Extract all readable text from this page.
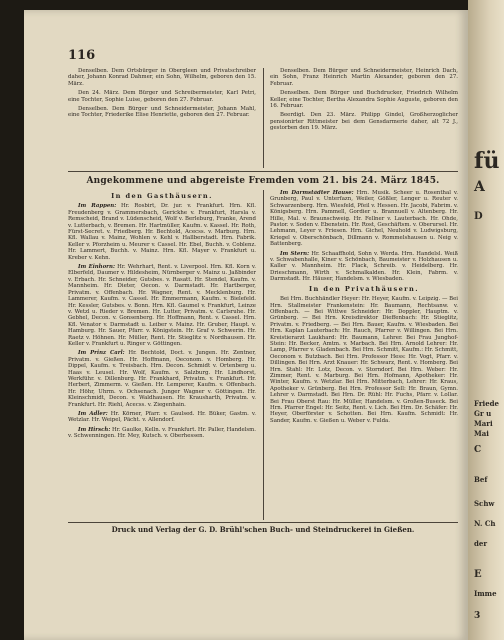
116

Denselben. Dem Ortsbürger in Obergleen und Privatschreiber daher, Johann Konrad Dahmer, ein Sohn, Wilhelm, geboren den 15. März.

Den 24. März. Dem Bürger und Schreibermeister, Karl Petri, eine Tochter, Sophie Luise, geboren den 27. Februar.

Denselben. Dem Bürger und Schneidermeister, Johann Mahl, eine Tochter, Friederike Elise Henriette, geboren den 27. Februar.

Denselben. Dem Bürger und Schneidermeister, Heinrich Dach, ein Sohn, Franz Heinrich Martin Alexander, geboren den 27. Februar.

Denselben. Dem Bürger und Buchdrucker, Friedrich Wilhelm Keller, eine Tochter, Bertha Alexandra Sophie Auguste, geboren den 16. Februar.

Beerdigt. Den 23. März. Philipp Gindel, Großherzoglicher pensionirter Rittmeister bei dem Gensdarmerie daher, alt 72 J., gestorben den 19. März.

Angekommene und abgereiste Fremden vom 21. bis 24. März 1845.
In den Gasthäusern.

Im Rappen: Hr. Rosbirt, Dr. jur. v. Frankfurt. Hrn. Kfl. Freudenberg v. Grammersbach, Gerickhe v. Frankfurt, Harsla v. Remscheid, Brand v. Lüdenscheid, Wolf v. Berleburg, Franke, Arend v. Lutterbach, v. Bremen. Hr. Hartmüller, Kaufm. v. Kassel. Hr. Roth, Fürst-Secret. v. Friedberg. Hr. Bechtold, Acecss. v. Marburg. Hrn. Kfl. Wallau v. Mainz, Wohlen v. Kehl v. Hallberstadt. Hrn. Fabrik. Keller v. Pforzheim u. Meurer v. Cassel. Hr. Ebel, Buchh. v. Coblenz. Hr. Lammert, Buchh. v. Mainz. Hrn. Kfl. Mayer v. Frankfurt u. Kreber v. Kehn.

Im Einhorn: Hr. Wehrhart, Rent. v. Liverpool. Hrn. Kfl. Korn v. Elberfeld, Daumer v. Hildesheim, Nürnberger v. Mainz u. Jaßbinder v. Erbach. Hr. Schneider, Gutsbes. v. Rasatt. Hr. Stendel, Kaufm. v. Mannheim. Hr. Dieter, Oecon. v. Darmstadt. Hr. Hartberger, Privatm. v. Offenbach. Hr. Wagner, Rent. v. Mecklenburg. Hr. Lammerer, Kaufm. v. Cassel. Hr. Emmermann, Kaufm. v. Bielefeld. Hr. Kessler, Gutsbes. v. Bonn. Hrn. Kfl. Gaumel v. Frankfurt, Leinze v. Wetzl u. Rieder v. Bremen. Hr. Lutter, Privatm. v. Carlsruhe. Hr. Gebhel, Decon. v. Gonsenberg. Hr. Hoffmann, Rent. v. Cassel. Hrn. Kfl. Venator v. Darmstadt u. Leiber v. Mainz. Hr. Gruber, Haupt. v. Hamburg. Hr. Sauer, Pfarr. v. Königstein. Hr. Graf v. Schwerin. Hr. Raetz v. Höhnen. Hr. Müller, Rent. Hr. Stieglitz v. Nordhausen. Hr. Keller v. Frankfurt u. Ringer v. Göttingen.

Im Prinz Carl: Hr. Bechtold, Doct. v. Jungen. Hr. Zentner, Privatm. v. Gießen. Hr. Hoffmann, Oeconom. v. Homberg. Hr. Dippel, Kaufm. v. Treisbach. Hrn. Decon. Schmidt v. Ortenberg u. Haas v. Leusel. Hr. Wolf, Kaufm. v. Salzburg. Hr. Lindhorst, Werkführ. v. Dillenburg. Hr. Frankhard, Privatm. v. Frankfurt. Hr. Herbert, Zimmerm. v. Gießen. Hr. Lemperer, Kaufm. v. Offenbach. Hr. Höhr, Uhrm. v. Ochsenach. Junger Wagner v. Göttingen. Hr. Kleinschmidt, Decon. v. Waldhausen. Hr. Krausharth, Privatm. v. Frankfurt. Hr. Riehl, Acecss. v. Ziegenhain.

Im Adler: Hr. Körner, Pfarr. v. Gaulsed. Hr. Büker, Gastm. v. Wetzlar. Hr. Weipel, Pächt. v. Allendorf.

Im Hirsch: Hr. Gaulke, Kelln. v. Frankfurt. Hr. Paller, Handelsm. v. Schwenningen. Hr. Mey, Kutsch. v. Oberhessen.

Im Darmstädter Hause: Hrn. Musik. Scheer u. Rosenthal v. Grunberg, Paul v. Unterfazn, Weiler, Gößler, Lenger u. Reuter v. Schwarzenberg. Hrn. Wiesfeld, Pfeil v. Hessen. Hr. Jacobi, Fabrim. v. Königsberg. Hrn. Pammell, Gordier u. Brannuell v. Altenberg. Hr. Hille, Mal. v. Braunschweig. Hr. Fellner v. Lauterbach. Hr. Ohde, Pastor. v. Soden v. Ebenstein. Hr. Rost, Geschäftsm. v. Oberursel. Hr. Lehmann, Leyer v. Friesen. Hrn. Gichel, Neuhold v. Ludwigsburg, Kriegel v. Oberschönbach, Dillmann v. Rommelshausen u. Neig v. Battenberg.

Im Stern: Hr. Schaaffhold, Sohn v. Werda. Hrn. Handelsl. Weiß v. Schwabenhalle, Kiner v. Schönbach, Baumeister v. Holzhausen u. Kaller v. Mannheim. Hr. Flack, Schreib. v. Heidelberg. Hr. Drieschmann, Wirth v. Schmalkalden. Hr. Klein, Fabrm. v. Darmstadt. Hr. Häuser, Handelsm. v. Wiesbaden.

In den Privathäusern.

Bei Hrn. Buchhändler Heyer: Hr. Heyer, Kaufm. v. Leipzig. — Bei Hrn. Stallmeister Frankenstein: Hr. Baumann, Rechtsanw. v. Offenbach. — Bei Wittwe Schneider: Hr. Doppler, Hauptm. v. Grünberg. — Bei Hrn. Kreisdirektor Dieffenbach: Hr. Stieglitz, Privatm. v. Friedberg. — Bei Hrn. Bauer, Kaufm. v. Wiesbaden. Bei Hrn. Kaplan Lauterbach: Hr. Rauch, Pfarrer v. Willingen. Bei Hrn. Kreistierarzt Laukhard: Hr. Baumann, Lehrer. Bei Frau Junghof-Stein: Hr. Becker, Amtm. v. Marbach. Bei Hrn. Arnold Lehrer: Hr. Lamp, Pfarrer v. Gladenbach. Bei Hrn. Schmitt, Kaufm.: Hr. Schmitt, Oeconom v. Butzbach. Bei Hrn. Professor Hess: Hr. Vogt, Pfarr. v. Dillingen. Bei Hrn. Arzt Knauer: Hr. Schwarz, Rent. v. Homberg. Bei Hrn. Stahl: Hr. Lotz, Decon. v. Storndorf. Bei Hrn. Weber: Hr. Zimmer, Rent. v. Marburg. Bei Hrn. Hofmann, Apotheker: Hr. Winter, Kaufm. v. Wetzlar. Bei Hrn. Mitterbach, Lehrer: Hr. Kraus, Apotheker v. Grünberg. Bei Hrn. Professor Sell: Hr. Braun, Gymn. Lehrer v. Darmstadt. Bei Hrn. Dr. Rühl: Hr. Fuchs, Pfarr. v. Lollar. Bei Frau Oberst Rau: Hr. Müller, Handelsm. v. Großen-Buseck. Bei Hrn. Pfarrer Engel: Hr. Seitz, Rent. v. Lich. Bei Hrn. Dr. Schäfer: Hr. Heyer, Oberförster v. Schotten. Bei Hrn. Kaufm. Schmidt: Hr. Sander, Kaufm. v. Gießen u. Weber v. Fulda.

Druck und Verlag der G. D. Brühl'schen Buch- und Steindruckerei in Gießen.
fü
A
D
Friede
Gr u
Mari
Mai
C
Bef
Schw
N. Ch
der
E
Imme
3
